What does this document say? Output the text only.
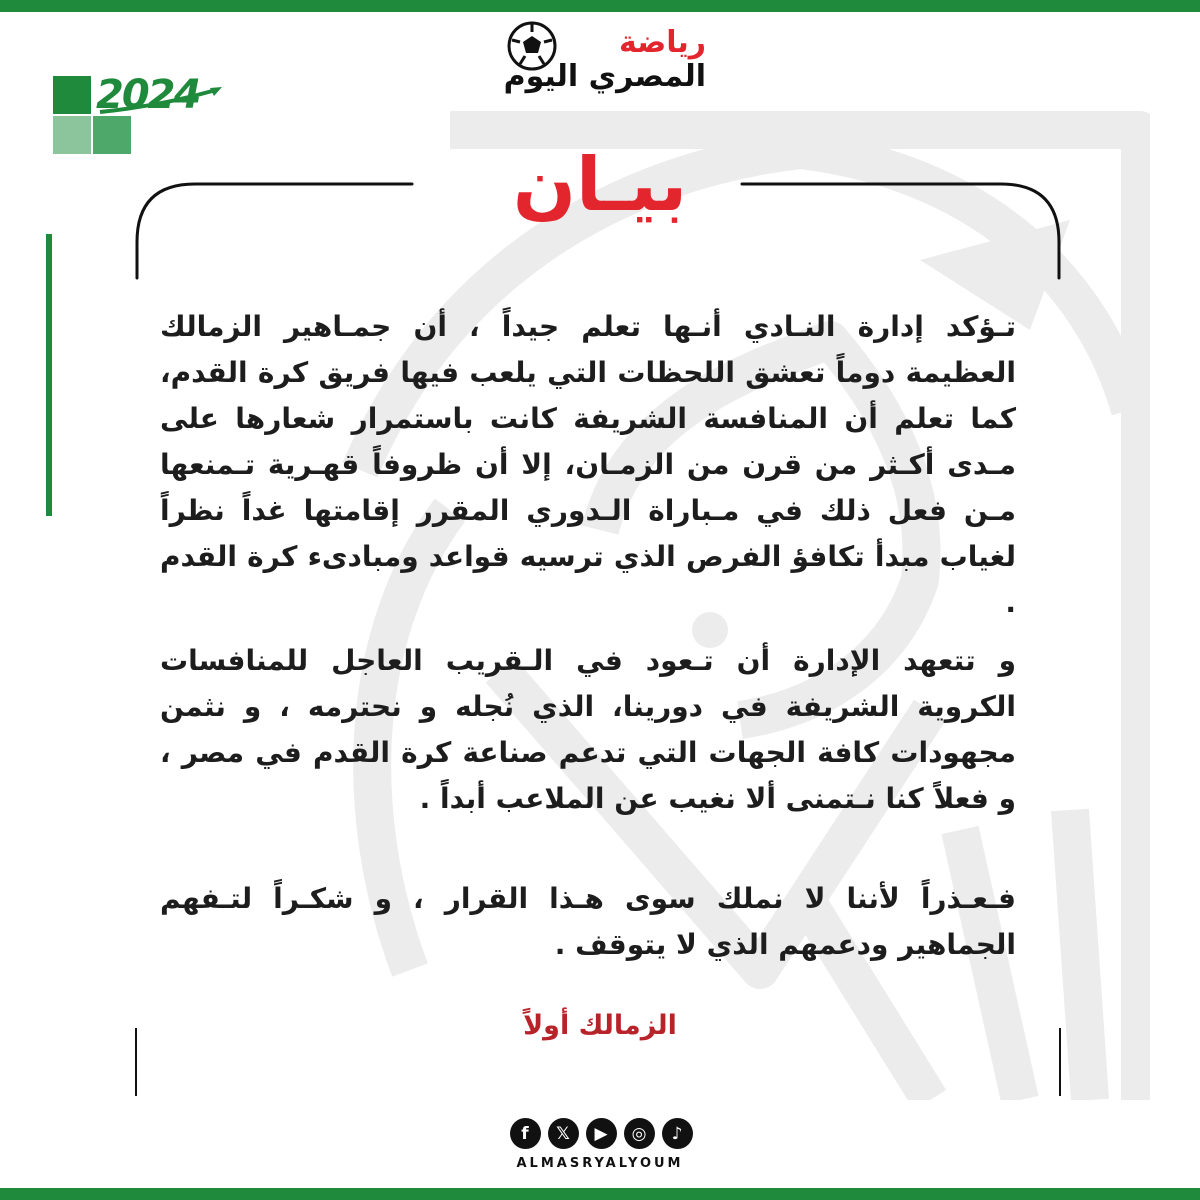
2024
رياضة
المصري اليوم
بيـان
تـؤكد إدارة النـادي أنـها تعلم جيداً ، أن جمـاهير الزمالك العظيمة دوماً تعشق اللحظات التي يلعب فيها فريق كرة القدم، كما تعلم أن المنافسة الشريفة كانت باستمرار شعارها على مـدى أكـثر من قرن من الزمـان، إلا أن ظروفاً قهـرية تـمنعها مـن فعل ذلك في مـباراة الـدوري المقرر إقامتها غداً نظراً لغياب مبدأ تكافؤ الفرص الذي ترسيه قواعد ومبادىء كرة القدم .
و تتعهد الإدارة أن تـعود في الـقريب العاجل للمنافسات الكروية الشريفة في دورينا، الذي نُجله و نحترمه ، و نثمن مجهودات كافة الجهات التي تدعم صناعة كرة القدم في مصر ، و فعلاً كنا نـتمنى ألا نغيب عن الملاعب أبداً .
فـعـذراً لأننا لا نملك سوى هـذا القرار ، و شكـراً لتـفهم الجماهير ودعمهم الذي لا يتوقف .
الزمالك أولاً
f	𝕏	▶	◎	♪
ALMASRYALYOUM
